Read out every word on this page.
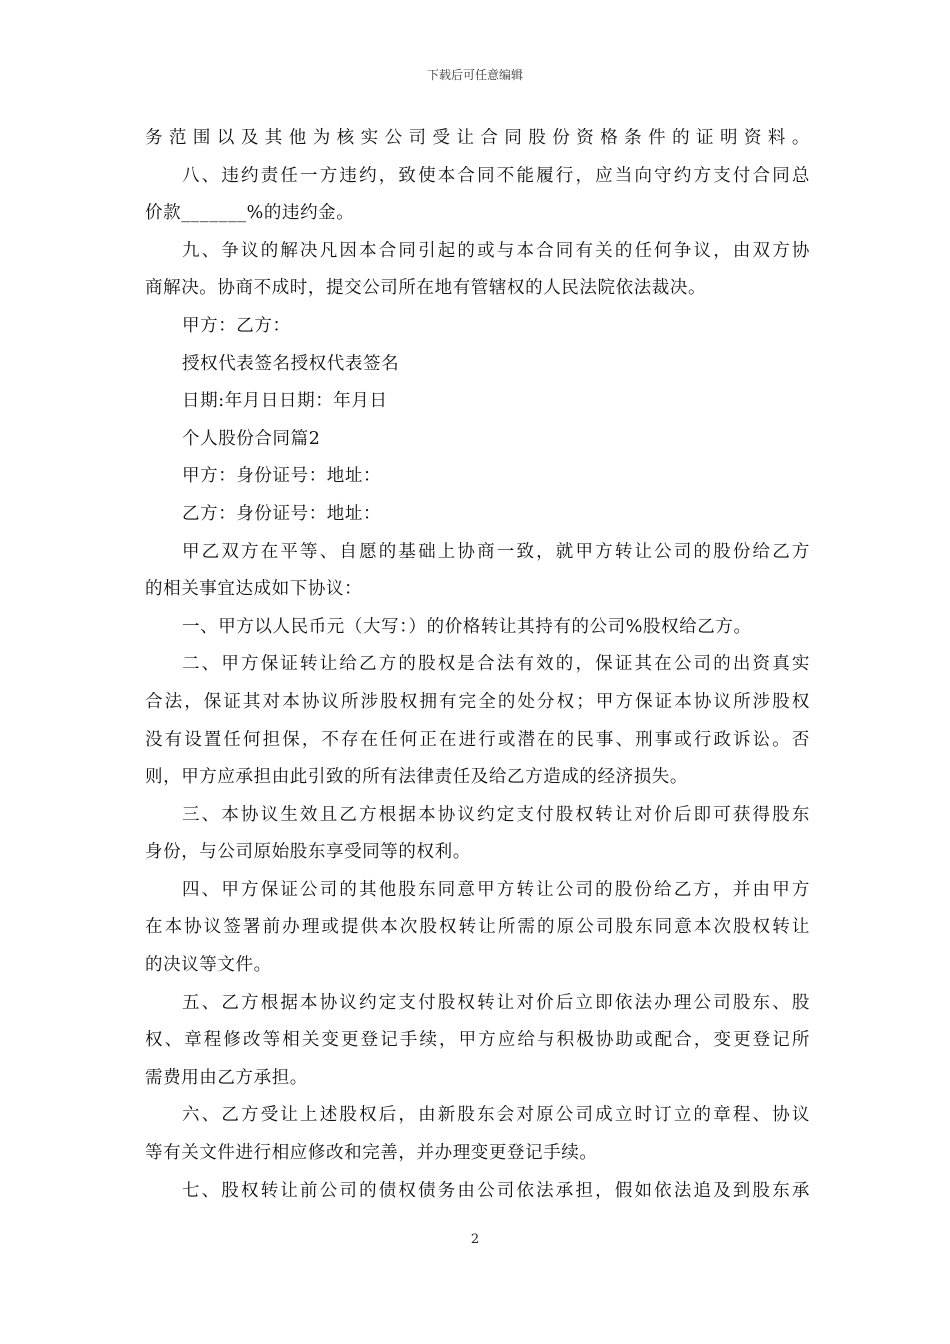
下载后可任意编辑
务范围以及其他为核实公司受让合同股份资格条件的证明资料。
八、违约责任一方违约，致使本合同不能履行，应当向守约方支付合同总
价款_______%的违约金。
九、争议的解决凡因本合同引起的或与本合同有关的任何争议，由双方协
商解决。协商不成时，提交公司所在地有管辖权的人民法院依法裁决。
甲方：乙方：
授权代表签名授权代表签名
日期:年月日日期：年月日
个人股份合同篇2
甲方：身份证号：地址：
乙方：身份证号：地址：
甲乙双方在平等、自愿的基础上协商一致，就甲方转让公司的股份给乙方
的相关事宜达成如下协议：
一、甲方以人民币元（大写：）的价格转让其持有的公司%股权给乙方。
二、甲方保证转让给乙方的股权是合法有效的，保证其在公司的出资真实
合法，保证其对本协议所涉股权拥有完全的处分权；甲方保证本协议所涉股权
没有设置任何担保，不存在任何正在进行或潜在的民事、刑事或行政诉讼。否
则，甲方应承担由此引致的所有法律责任及给乙方造成的经济损失。
三、本协议生效且乙方根据本协议约定支付股权转让对价后即可获得股东
身份，与公司原始股东享受同等的权利。
四、甲方保证公司的其他股东同意甲方转让公司的股份给乙方，并由甲方
在本协议签署前办理或提供本次股权转让所需的原公司股东同意本次股权转让
的决议等文件。
五、乙方根据本协议约定支付股权转让对价后立即依法办理公司股东、股
权、章程修改等相关变更登记手续，甲方应给与积极协助或配合，变更登记所
需费用由乙方承担。
六、乙方受让上述股权后，由新股东会对原公司成立时订立的章程、协议
等有关文件进行相应修改和完善，并办理变更登记手续。
七、股权转让前公司的债权债务由公司依法承担，假如依法追及到股东承
2
